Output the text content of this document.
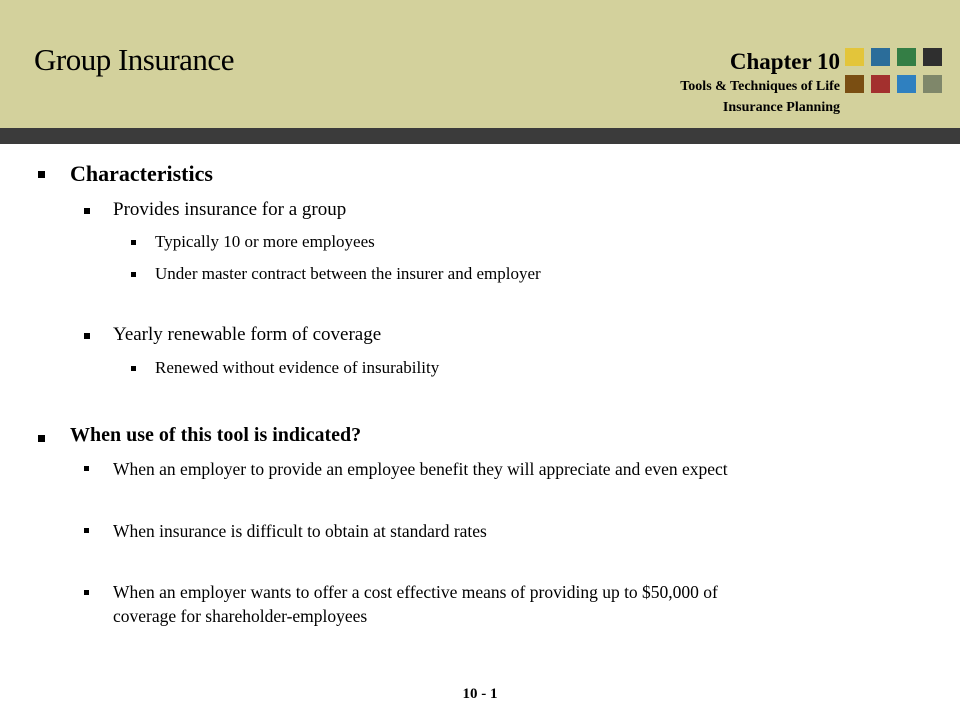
Group Insurance	Chapter 10
Tools & Techniques of Life
Insurance Planning
Characteristics
Provides insurance for a group
Typically 10 or more employees
Under master contract between the insurer and employer
Yearly renewable form of coverage
Renewed without evidence of insurability
When use of this tool is indicated?
When an employer to provide an employee benefit they will appreciate and even expect
When insurance is difficult to obtain at standard rates
When an employer wants to offer a cost effective means of providing up to $50,000 of
coverage for shareholder-employees
10 - 1
